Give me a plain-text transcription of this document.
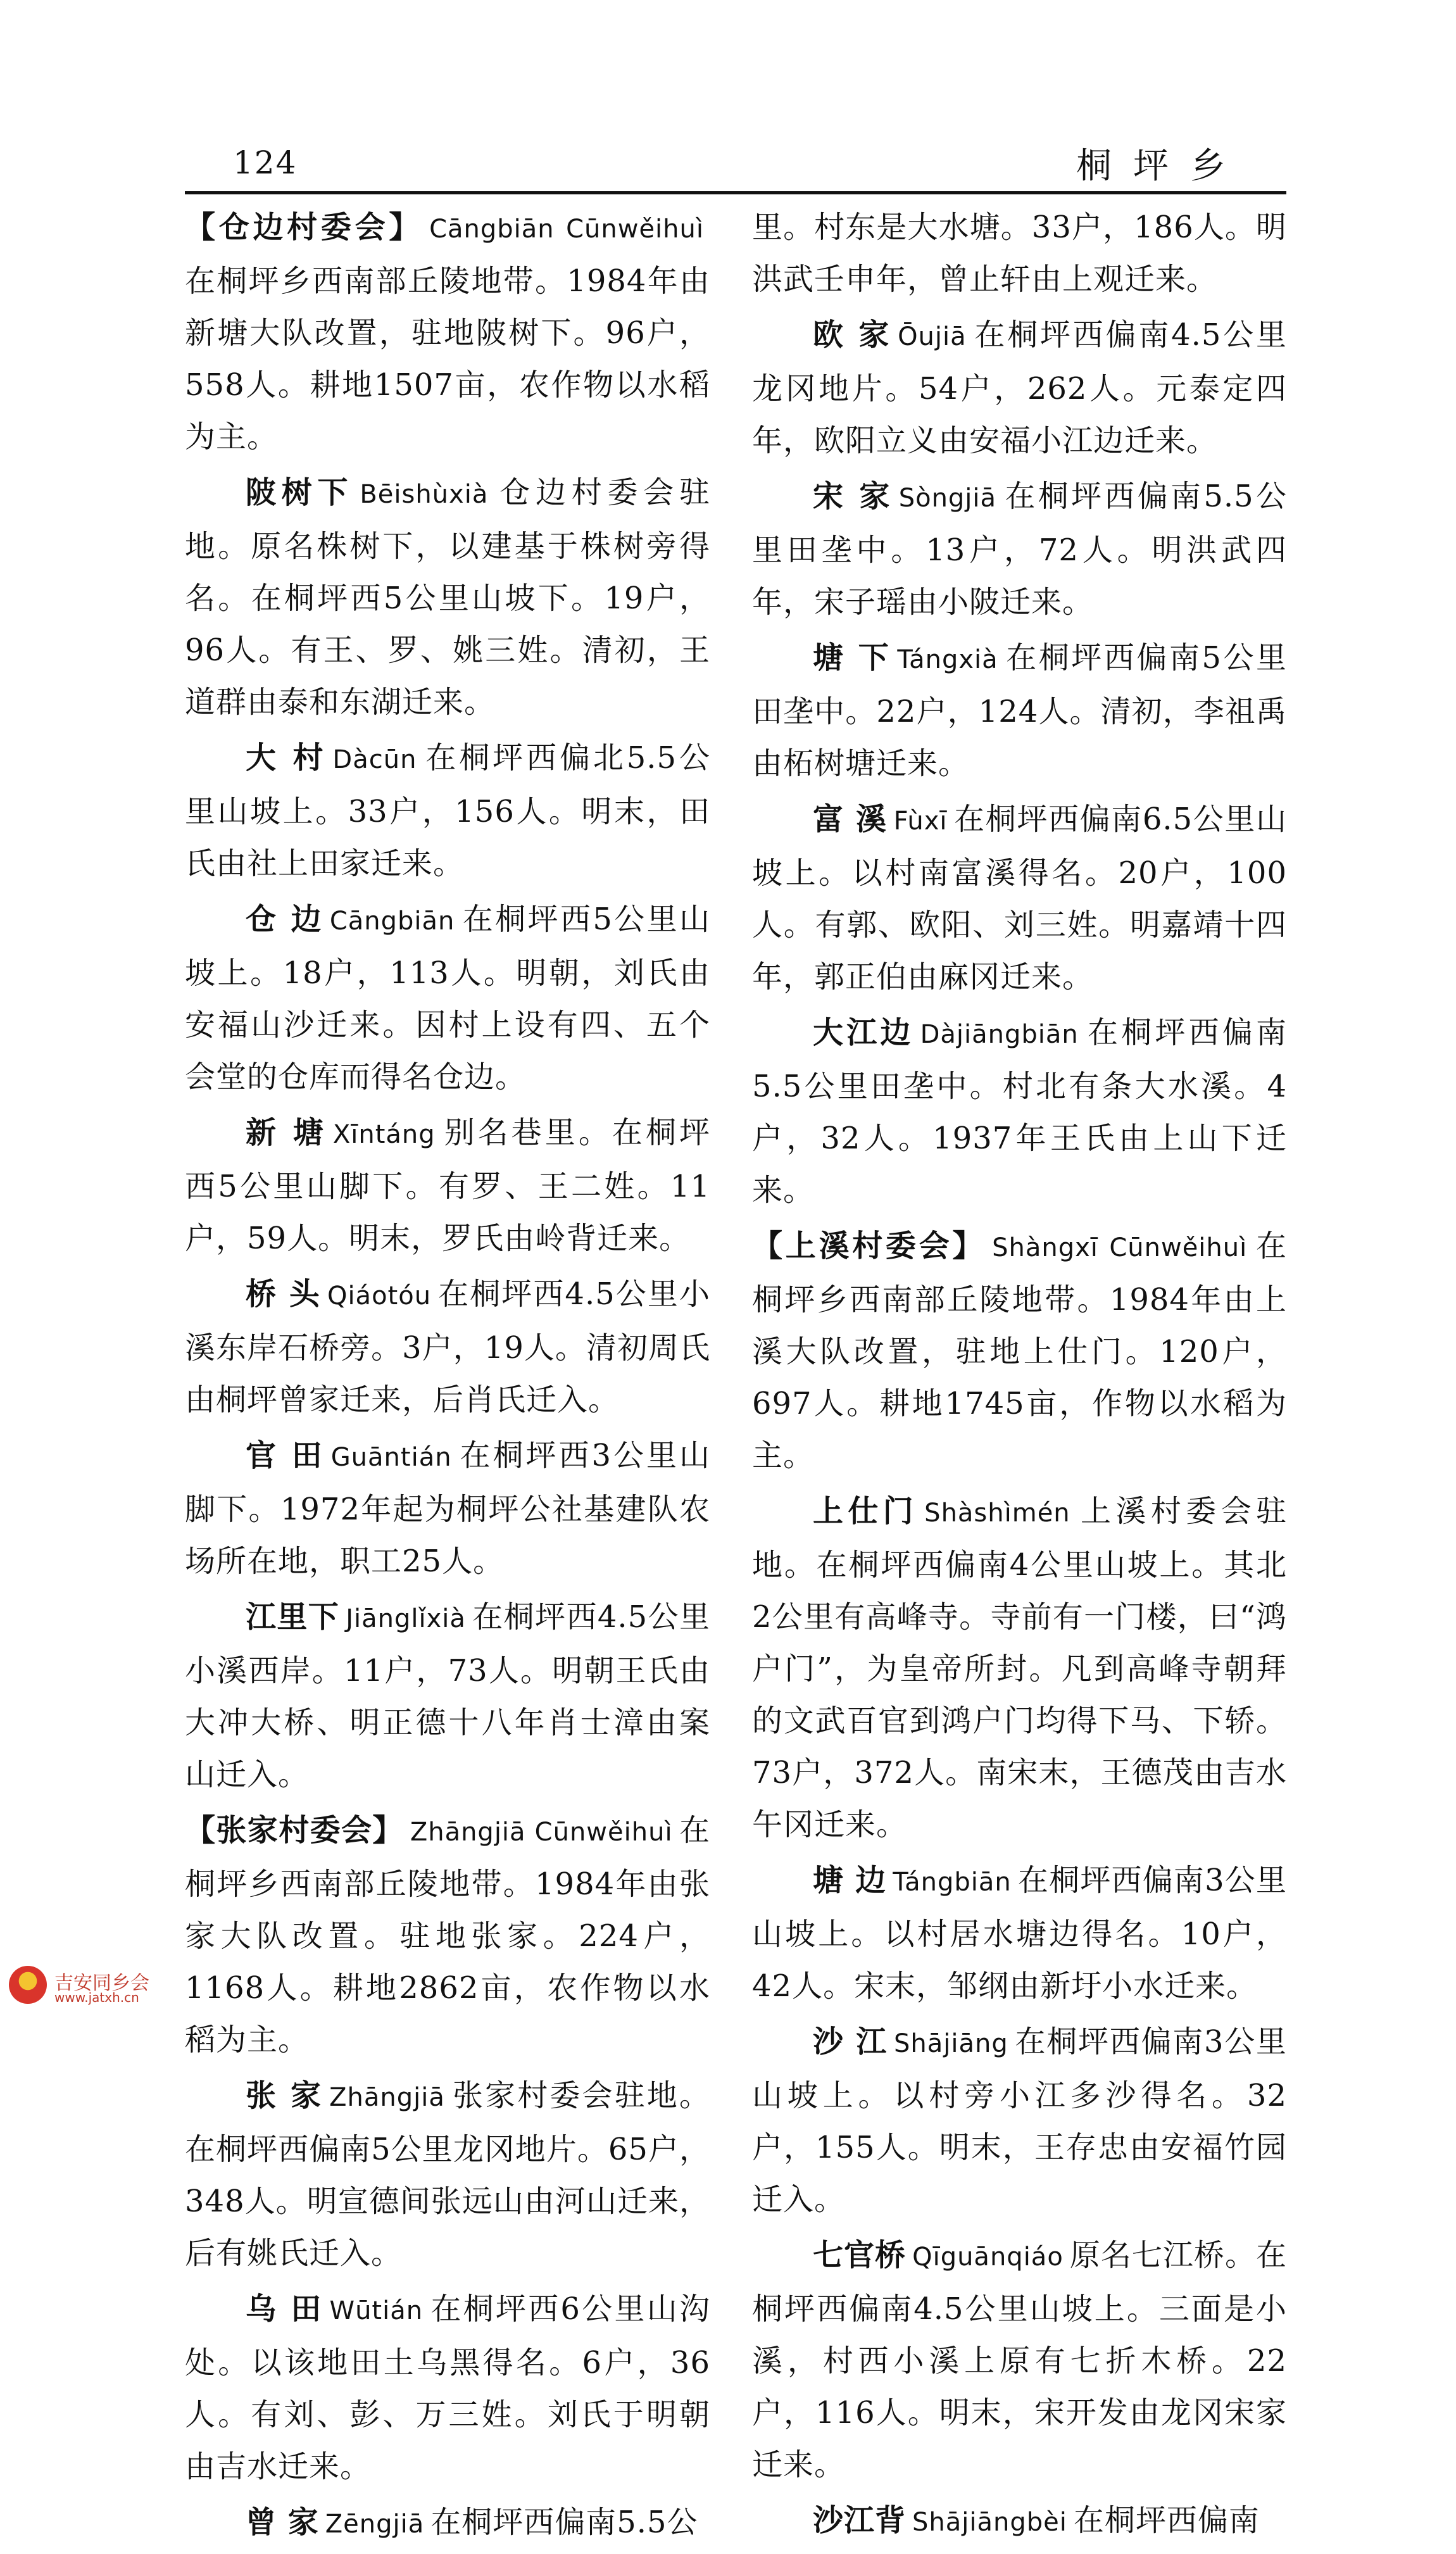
124	桐坪乡

【仓边村委会】 Cāngbiān Cūnwěihuì在桐坪乡西南部丘陵地带。1984年由新塘大队改置，驻地陂树下。96户，558人。耕地1507亩，农作物以水稻为主。

陂树下 Bēishùxià 仓边村委会驻地。原名株树下，以建基于株树旁得名。在桐坪西5公里山坡下。19户，96人。有王、罗、姚三姓。清初，王道群由泰和东湖迁来。

大 村 Dàcūn 在桐坪西偏北5.5公里山坡上。33户，156人。明末，田氏由社上田家迁来。

仓 边 Cāngbiān 在桐坪西5公里山坡上。18户，113人。明朝，刘氏由安福山沙迁来。因村上设有四、五个会堂的仓库而得名仓边。

新 塘 Xīntáng 别名巷里。在桐坪西5公里山脚下。有罗、王二姓。11户，59人。明末，罗氏由岭背迁来。

桥 头 Qiáotóu 在桐坪西4.5公里小溪东岸石桥旁。3户，19人。清初周氏由桐坪曾家迁来，后肖氏迁入。

官 田 Guāntián 在桐坪西3公里山脚下。1972年起为桐坪公社基建队农场所在地，职工25人。

江里下 Jiānglǐxià 在桐坪西4.5公里小溪西岸。11户，73人。明朝王氏由大冲大桥、明正德十八年肖士漳由案山迁入。

【张家村委会】 Zhāngjiā Cūnwěihuì 在桐坪乡西南部丘陵地带。1984年由张家大队改置。驻地张家。224户，1168人。耕地2862亩，农作物以水稻为主。

张 家 Zhāngjiā 张家村委会驻地。在桐坪西偏南5公里龙冈地片。65户，348人。明宣德间张远山由河山迁来，后有姚氏迁入。

乌 田 Wūtián 在桐坪西6公里山沟处。以该地田土乌黑得名。6户，36人。有刘、彭、万三姓。刘氏于明朝由吉水迁来。

曾 家 Zēngjiā 在桐坪西偏南5.5公

里。村东是大水塘。33户，186人。明洪武壬申年，曾止轩由上观迁来。

欧 家 Ōujiā 在桐坪西偏南4.5公里龙冈地片。54户，262人。元泰定四年，欧阳立义由安福小江边迁来。

宋 家 Sòngjiā 在桐坪西偏南5.5公里田垄中。13户，72人。明洪武四年，宋子瑶由小陂迁来。

塘 下 Tángxià 在桐坪西偏南5公里田垄中。22户，124人。清初，李祖禹由柘树塘迁来。

富 溪 Fùxī 在桐坪西偏南6.5公里山坡上。以村南富溪得名。20户，100人。有郭、欧阳、刘三姓。明嘉靖十四年，郭正伯由麻冈迁来。

大江边 Dàjiāngbiān 在桐坪西偏南5.5公里田垄中。村北有条大水溪。4户，32人。1937年王氏由上山下迁来。

【上溪村委会】 Shàngxī Cūnwěihuì 在桐坪乡西南部丘陵地带。1984年由上溪大队改置，驻地上仕门。120户，697人。耕地1745亩，作物以水稻为主。

上仕门 Shàshìmén 上溪村委会驻地。在桐坪西偏南4公里山坡上。其北2公里有高峰寺。寺前有一门楼，曰“鸿户门”，为皇帝所封。凡到高峰寺朝拜的文武百官到鸿户门均得下马、下轿。73户，372人。南宋末，王德茂由吉水午冈迁来。

塘 边 Tángbiān 在桐坪西偏南3公里山坡上。以村居水塘边得名。10户，42人。宋末，邹纲由新圩小水迁来。

沙 江 Shājiāng 在桐坪西偏南3公里山坡上。以村旁小江多沙得名。32户，155人。明末，王存忠由安福竹园迁入。

七官桥 Qīguānqiáo 原名七江桥。在桐坪西偏南4.5公里山坡上。三面是小溪，村西小溪上原有七折木桥。22户，116人。明末，宋开发由龙冈宋家迁来。

沙江背 Shājiāngbèi 在桐坪西偏南

吉安同乡会
www.jatxh.cn
